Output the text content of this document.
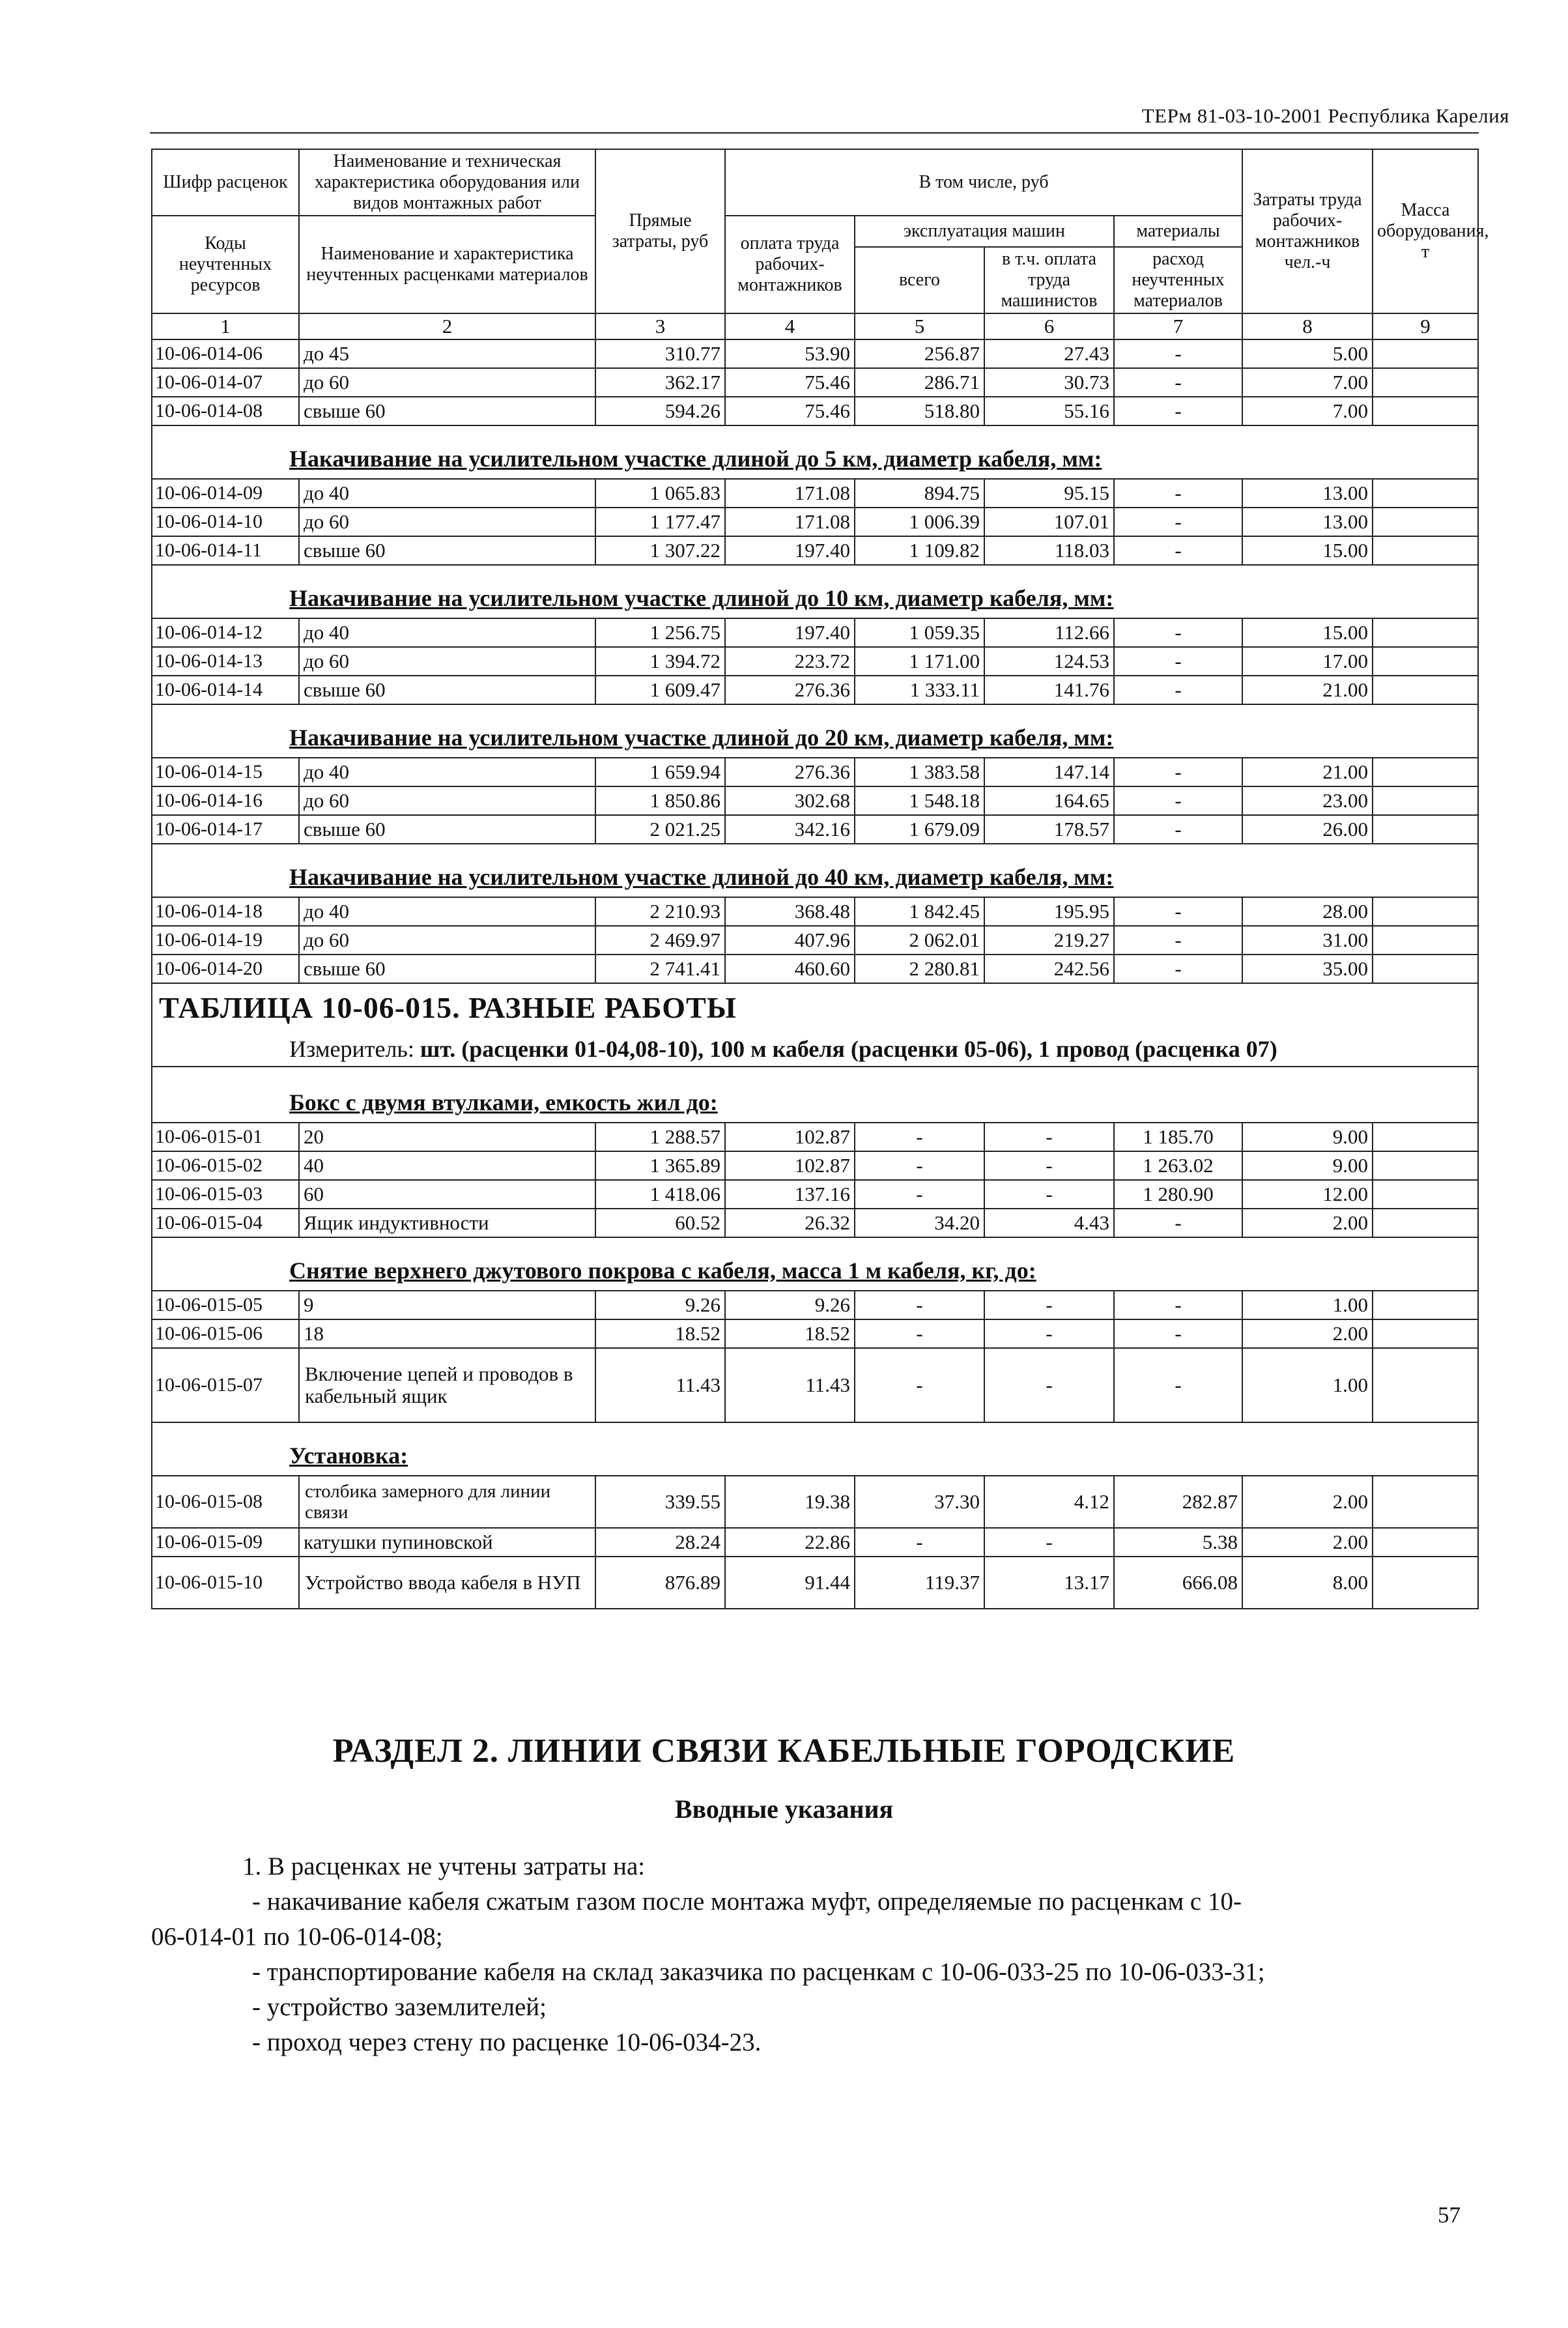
ТЕРм 81-03-10-2001 Республика Карелия
Шифр расценок	Наименование и техническая характеристика оборудования или видов монтажных работ	Прямые затраты, руб	В том числе, руб				Затраты труда рабочих-монтажников чел.-ч	Масса оборудования, т
Коды неучтенных ресурсов	Наименование и характеристика неучтенных расценками материалов		оплата труда рабочих-монтажников	эксплуатация машин		материалы		
				всего	в т.ч. оплата труда машинистов	расход неучтенных материалов		
1	2	3	4	5	6	7	8	9
10-06-014-06	до 45	310.77	53.90	256.87	27.43	-	5.00	
10-06-014-07	до 60	362.17	75.46	286.71	30.73	-	7.00	
10-06-014-08	свыше 60	594.26	75.46	518.80	55.16	-	7.00	
Накачивание на усилительном участке длиной до 5 км, диаметр кабеля, мм:								
10-06-014-09	до 40	1 065.83	171.08	894.75	95.15	-	13.00	
10-06-014-10	до 60	1 177.47	171.08	1 006.39	107.01	-	13.00	
10-06-014-11	свыше 60	1 307.22	197.40	1 109.82	118.03	-	15.00	
Накачивание на усилительном участке длиной до 10 км, диаметр кабеля, мм:								
10-06-014-12	до 40	1 256.75	197.40	1 059.35	112.66	-	15.00	
10-06-014-13	до 60	1 394.72	223.72	1 171.00	124.53	-	17.00	
10-06-014-14	свыше 60	1 609.47	276.36	1 333.11	141.76	-	21.00	
Накачивание на усилительном участке длиной до 20 км, диаметр кабеля, мм:								
10-06-014-15	до 40	1 659.94	276.36	1 383.58	147.14	-	21.00	
10-06-014-16	до 60	1 850.86	302.68	1 548.18	164.65	-	23.00	
10-06-014-17	свыше 60	2 021.25	342.16	1 679.09	178.57	-	26.00	
Накачивание на усилительном участке длиной до 40 км, диаметр кабеля, мм:								
10-06-014-18	до 40	2 210.93	368.48	1 842.45	195.95	-	28.00	
10-06-014-19	до 60	2 469.97	407.96	2 062.01	219.27	-	31.00	
10-06-014-20	свыше 60	2 741.41	460.60	2 280.81	242.56	-	35.00	
ТАБЛИЦА 10-06-015. РАЗНЫЕ РАБОТЫ								
Измеритель: шт. (расценки 01-04,08-10), 100 м кабеля (расценки 05-06), 1 провод (расценка 07)								
Бокс с двумя втулками, емкость жил до:								
10-06-015-01	20	1 288.57	102.87	-	-	1 185.70	9.00	
10-06-015-02	40	1 365.89	102.87	-	-	1 263.02	9.00	
10-06-015-03	60	1 418.06	137.16	-	-	1 280.90	12.00	
10-06-015-04	Ящик индуктивности	60.52	26.32	34.20	4.43	-	2.00	
Снятие верхнего джутового покрова с кабеля, масса 1 м кабеля, кг, до:								
10-06-015-05	9	9.26	9.26	-	-	-	1.00	
10-06-015-06	18	18.52	18.52	-	-	-	2.00	
10-06-015-07	Включение цепей и проводов в кабельный ящик	11.43	11.43	-	-	-	1.00	
Установка:								
10-06-015-08	столбика замерного для линии связи	339.55	19.38	37.30	4.12	282.87	2.00	
10-06-015-09	катушки пупиновской	28.24	22.86	-	-	5.38	2.00	
10-06-015-10	Устройство ввода кабеля в НУП	876.89	91.44	119.37	13.17	666.08	8.00	
РАЗДЕЛ 2. ЛИНИИ СВЯЗИ КАБЕЛЬНЫЕ ГОРОДСКИЕ
Вводные указания

1. В расценках не учтены затраты на:

- накачивание кабеля сжатым газом после монтажа муфт, определяемые по расценкам с 10-

06-014-01 по 10-06-014-08;

- транспортирование кабеля на склад заказчика по расценкам с 10-06-033-25 по 10-06-033-31;

- устройство заземлителей;

- проход через стену по расценке 10-06-034-23.

57
